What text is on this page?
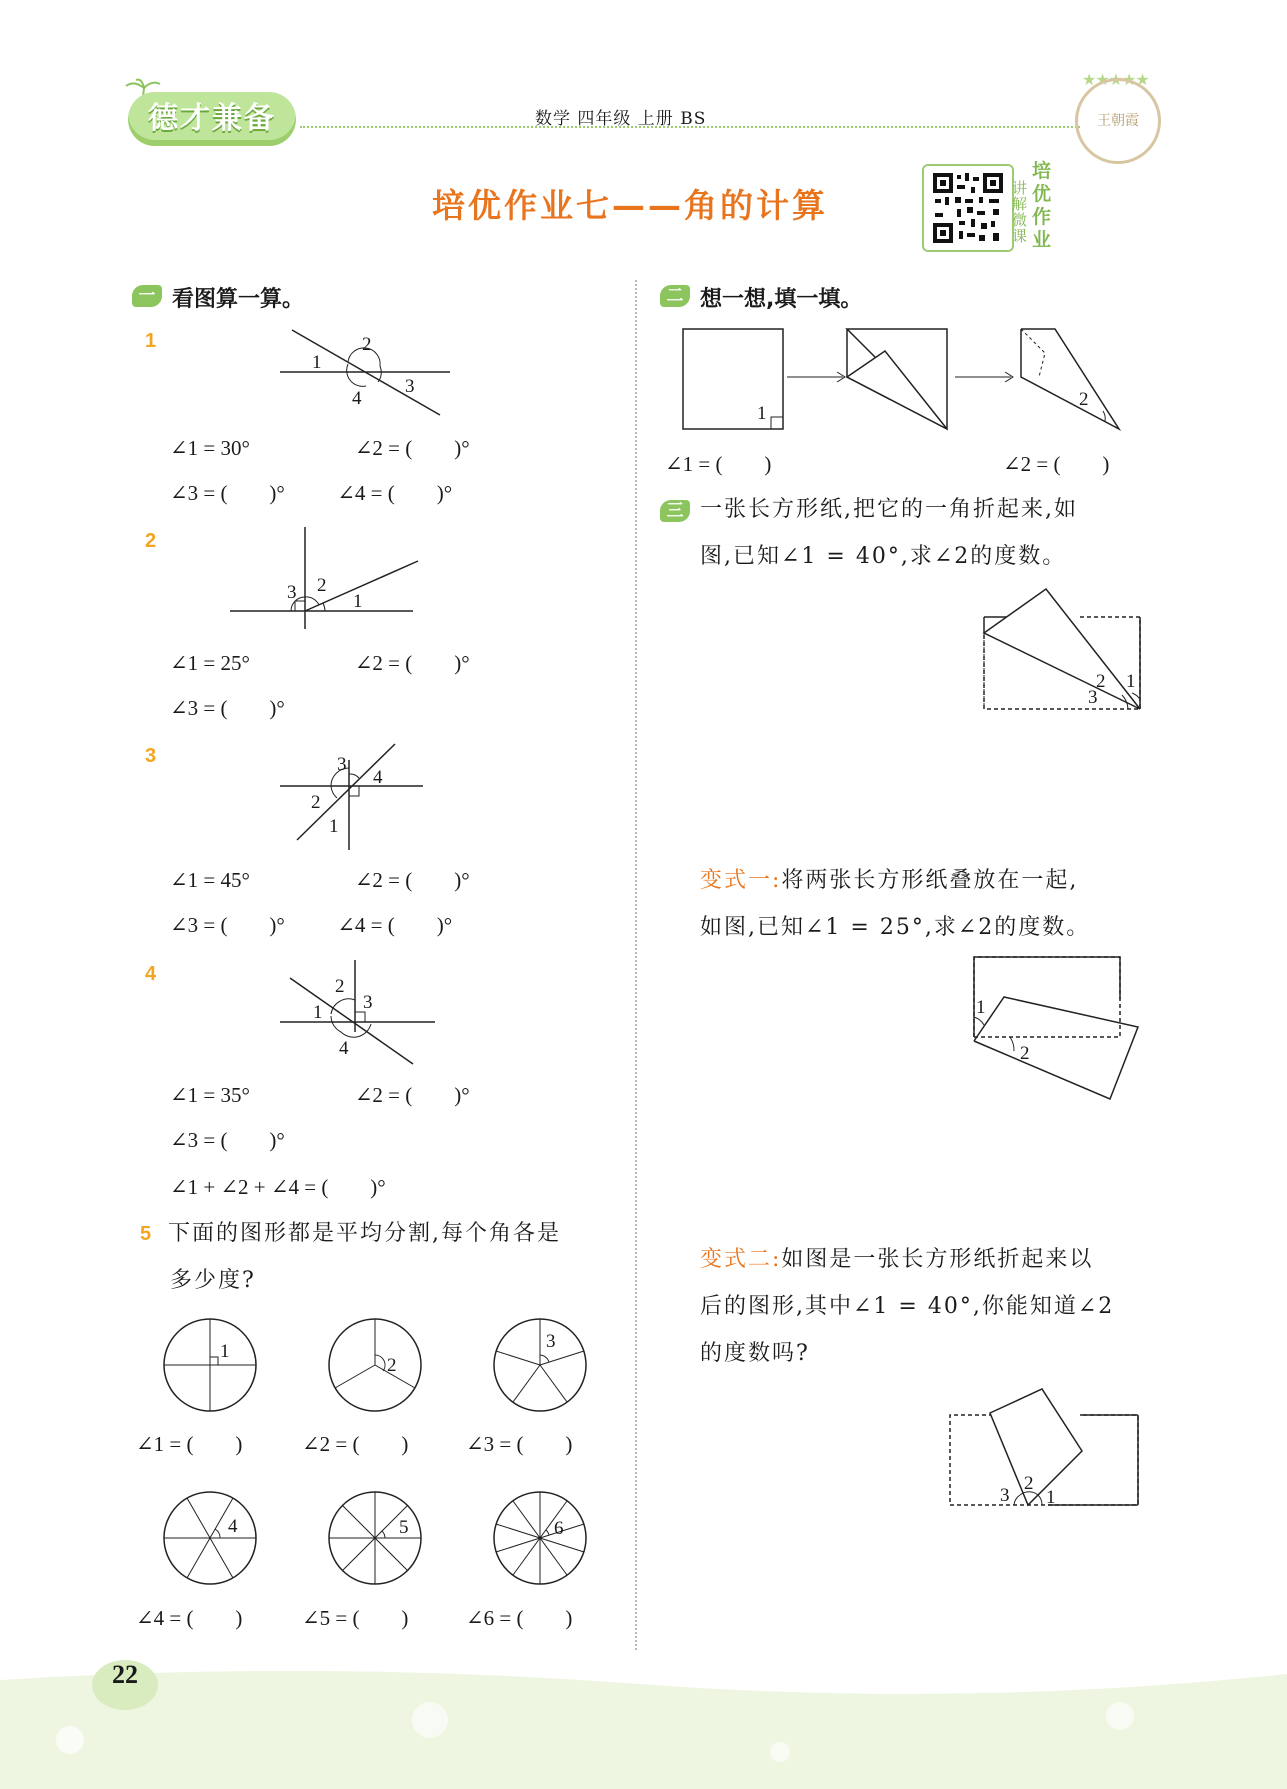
德才兼备	数学 四年级 上册 BS
★★★★★
王朝霞
培优作业七——角的计算	讲解微课
培优作业
一 看图算一算。
1
1
2
3
4
∠1 = 30°                    ∠2 = (        )°
∠3 = (        )°          ∠4 = (        )°
2
3 2
1
∠1 = 25°                    ∠2 = (        )°
∠3 = (        )°
3	3
4
2
1
∠1 = 45°                    ∠2 = (        )°
∠3 = (        )°          ∠4 = (        )°
4
2
3
1
4
∠1 = 35°                    ∠2 = (        )°
∠3 = (        )°
∠1 + ∠2 + ∠4 = (        )°
5 下面的图形都是平均分割,每个角各是
多少度?
1
2
3
∠1 = (        )	∠2 = (        )	∠3 = (        )
4	5	6
∠4 = (        )	∠5 = (        )	∠6 = (        )
二 想一想,填一填。
1
2
∠1 = (        )	∠2 = (        )
三 一张长方形纸,把它的一角折起来,如
图,已知∠1 = 40°,求∠2的度数。
2 1
3
变式一:将两张长方形纸叠放在一起,
如图,已知∠1 = 25°,求∠2的度数。
1
2
变式二:如图是一张长方形纸折起来以
后的图形,其中∠1 = 40°,你能知道∠2
的度数吗?
3
2
1
22
